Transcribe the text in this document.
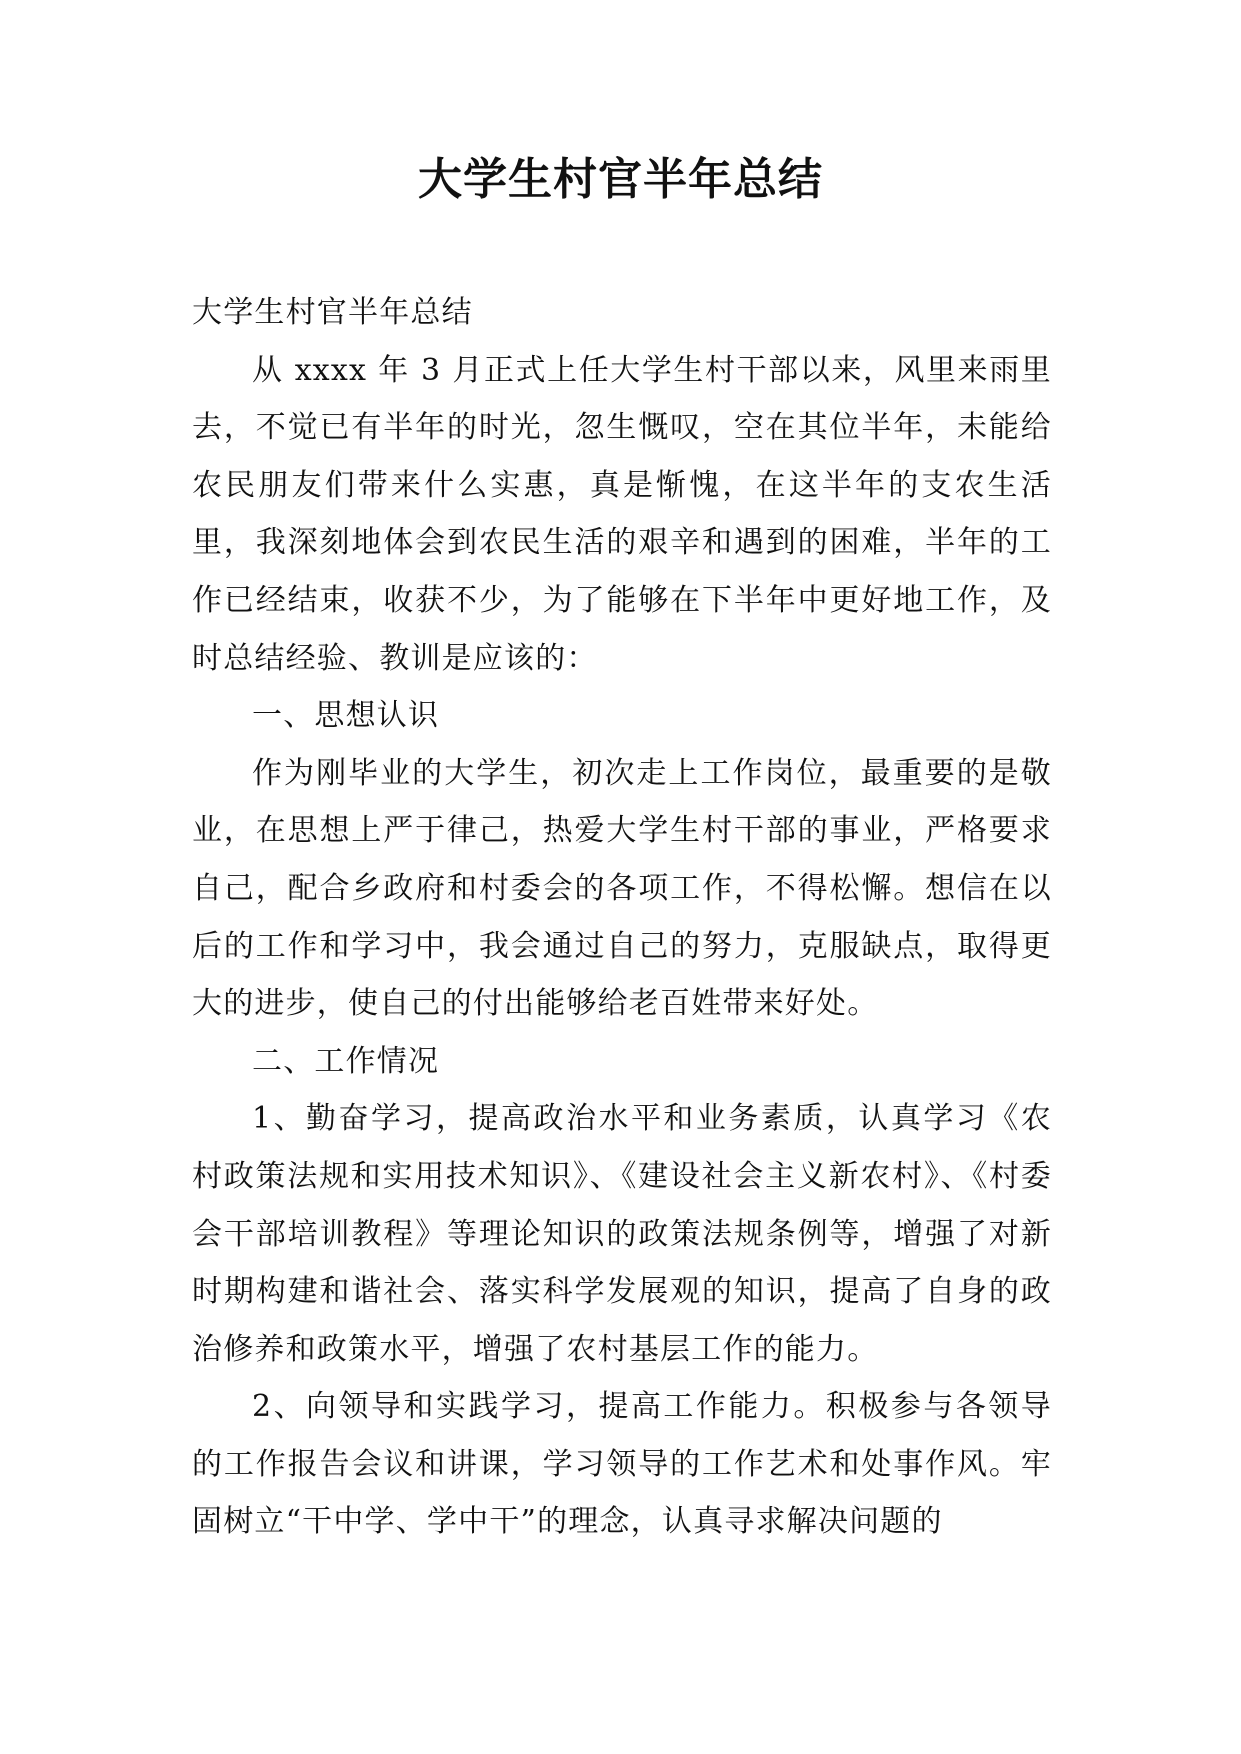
大学生村官半年总结

大学生村官半年总结

从 xxxx 年 3 月正式上任大学生村干部以来，风里来雨里去，不觉已有半年的时光，忽生慨叹，空在其位半年，未能给农民朋友们带来什么实惠，真是惭愧，在这半年的支农生活里，我深刻地体会到农民生活的艰辛和遇到的困难，半年的工作已经结束，收获不少，为了能够在下半年中更好地工作，及时总结经验、教训是应该的：

一、思想认识

作为刚毕业的大学生，初次走上工作岗位，最重要的是敬业，在思想上严于律己，热爱大学生村干部的事业，严格要求自己，配合乡政府和村委会的各项工作，不得松懈。想信在以后的工作和学习中，我会通过自己的努力，克服缺点，取得更大的进步，使自己的付出能够给老百姓带来好处。

二、工作情况

1、勤奋学习，提高政治水平和业务素质，认真学习《农村政策法规和实用技术知识》、《建设社会主义新农村》、《村委会干部培训教程》等理论知识的政策法规条例等，增强了对新时期构建和谐社会、落实科学发展观的知识，提高了自身的政治修养和政策水平，增强了农村基层工作的能力。

2、向领导和实践学习，提高工作能力。积极参与各领导的工作报告会议和讲课，学习领导的工作艺术和处事作风。牢固树立“干中学、学中干”的理念，认真寻求解决问题的
